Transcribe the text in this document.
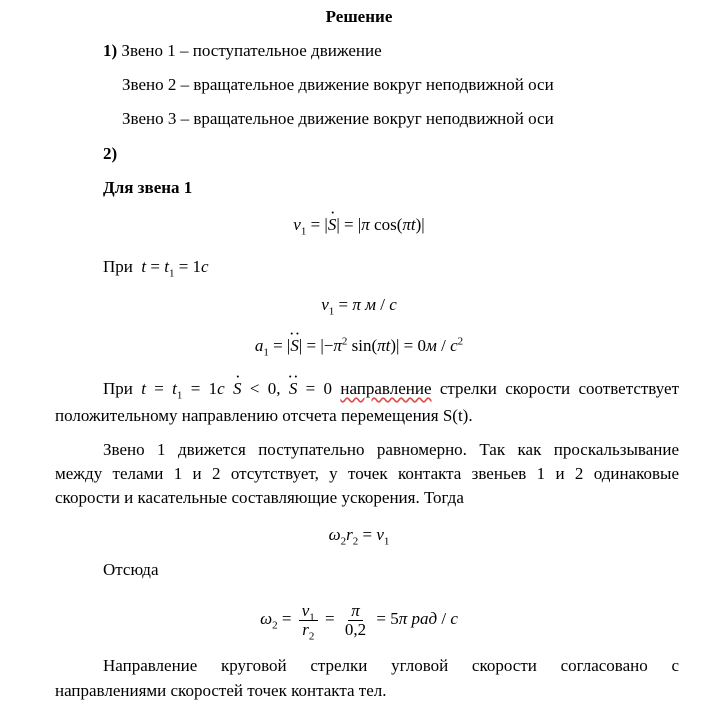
Решение
1) Звено 1 – поступательное движение
Звено 2 – вращательное движение вокруг неподвижной оси
Звено 3 – вращательное движение вокруг неподвижной оси
2)
Для звена 1
$v_1 = |S$ ·| = |π cos(πt)|
При $t = t_1 = 1c$
$v_1 = \pi$ м / c
$a_1 = |S$ ··| = $|-\pi^2$ $\sin(\pi t)| = 0м / c^2$
При $t = t_1 = 1c$ S · < 0, S ·· = 0 направление стрелки скорости соответствует
положительному направлению отсчета перемещения S(t).
Звено 1 движется поступательно равномерно. Так как проскальзывание
между телами 1 и 2 отсутствует, у точек контакта звеньев 1 и 2 одинаковые
скорости и касательные составляющие ускорения. Тогда
$\omega_2r_2 = v_1$
Отсюда
$\omega_2 = \frac{v_1}{r_2} = \frac{\pi}{0,2} = 5\pi$ рад / c
Направление круговой стрелки угловой скорости согласовано с
направлениями скоростей точек контакта тел.
